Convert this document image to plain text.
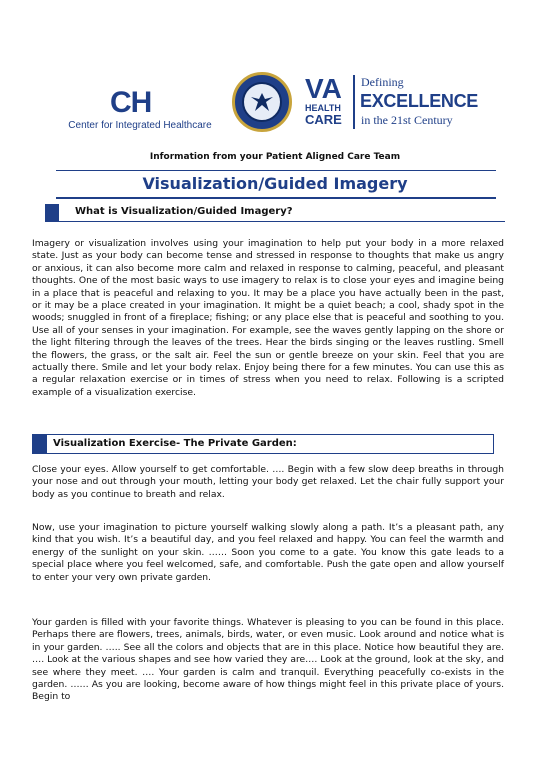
CH
Center for Integrated Healthcare
VA
HEALTH
CARE
Defining
EXCELLENCE
in the 21st Century
Information from your Patient Aligned Care Team
Visualization/Guided Imagery
What is Visualization/Guided Imagery?
Imagery or visualization involves using your imagination to help put your body in a more relaxed state. Just as your body can become tense and stressed in response to thoughts that make us angry or anxious, it can also become more calm and relaxed in response to calming, peaceful, and pleasant thoughts. One of the most basic ways to use imagery to relax is to close your eyes and imagine being in a place that is peaceful and relaxing to you. It may be a place you have actually been in the past, or it may be a place created in your imagination. It might be a quiet beach; a cool, shady spot in the woods; snuggled in front of a fireplace; fishing; or any place else that is peaceful and soothing to you. Use all of your senses in your imagination. For example, see the waves gently lapping on the shore or the light filtering through the leaves of the trees. Hear the birds singing or the leaves rustling. Smell the flowers, the grass, or the salt air. Feel the sun or gentle breeze on your skin. Feel that you are actually there. Smile and let your body relax. Enjoy being there for a few minutes. You can use this as a regular relaxation exercise or in times of stress when you need to relax. Following is a scripted example of a visualization exercise.
Visualization Exercise- The Private Garden:
Close your eyes. Allow yourself to get comfortable. …. Begin with a few slow deep breaths in through your nose and out through your mouth, letting your body get relaxed. Let the chair fully support your body as you continue to breath and relax.
Now, use your imagination to picture yourself walking slowly along a path. It’s a pleasant path, any kind that you wish. It’s a beautiful day, and you feel relaxed and happy. You can feel the warmth and energy of the sunlight on your skin. …… Soon you come to a gate. You know this gate leads to a special place where you feel welcomed, safe, and comfortable. Push the gate open and allow yourself to enter your very own private garden.
Your garden is filled with your favorite things. Whatever is pleasing to you can be found in this place. Perhaps there are flowers, trees, animals, birds, water, or even music. Look around and notice what is in your garden. ….. See all the colors and objects that are in this place. Notice how beautiful they are. …. Look at the various shapes and see how varied they are…. Look at the ground, look at the sky, and see where they meet. …. Your garden is calm and tranquil. Everything peacefully co-exists in the garden. …… As you are looking, become aware of how things might feel in this private place of yours. Begin to
